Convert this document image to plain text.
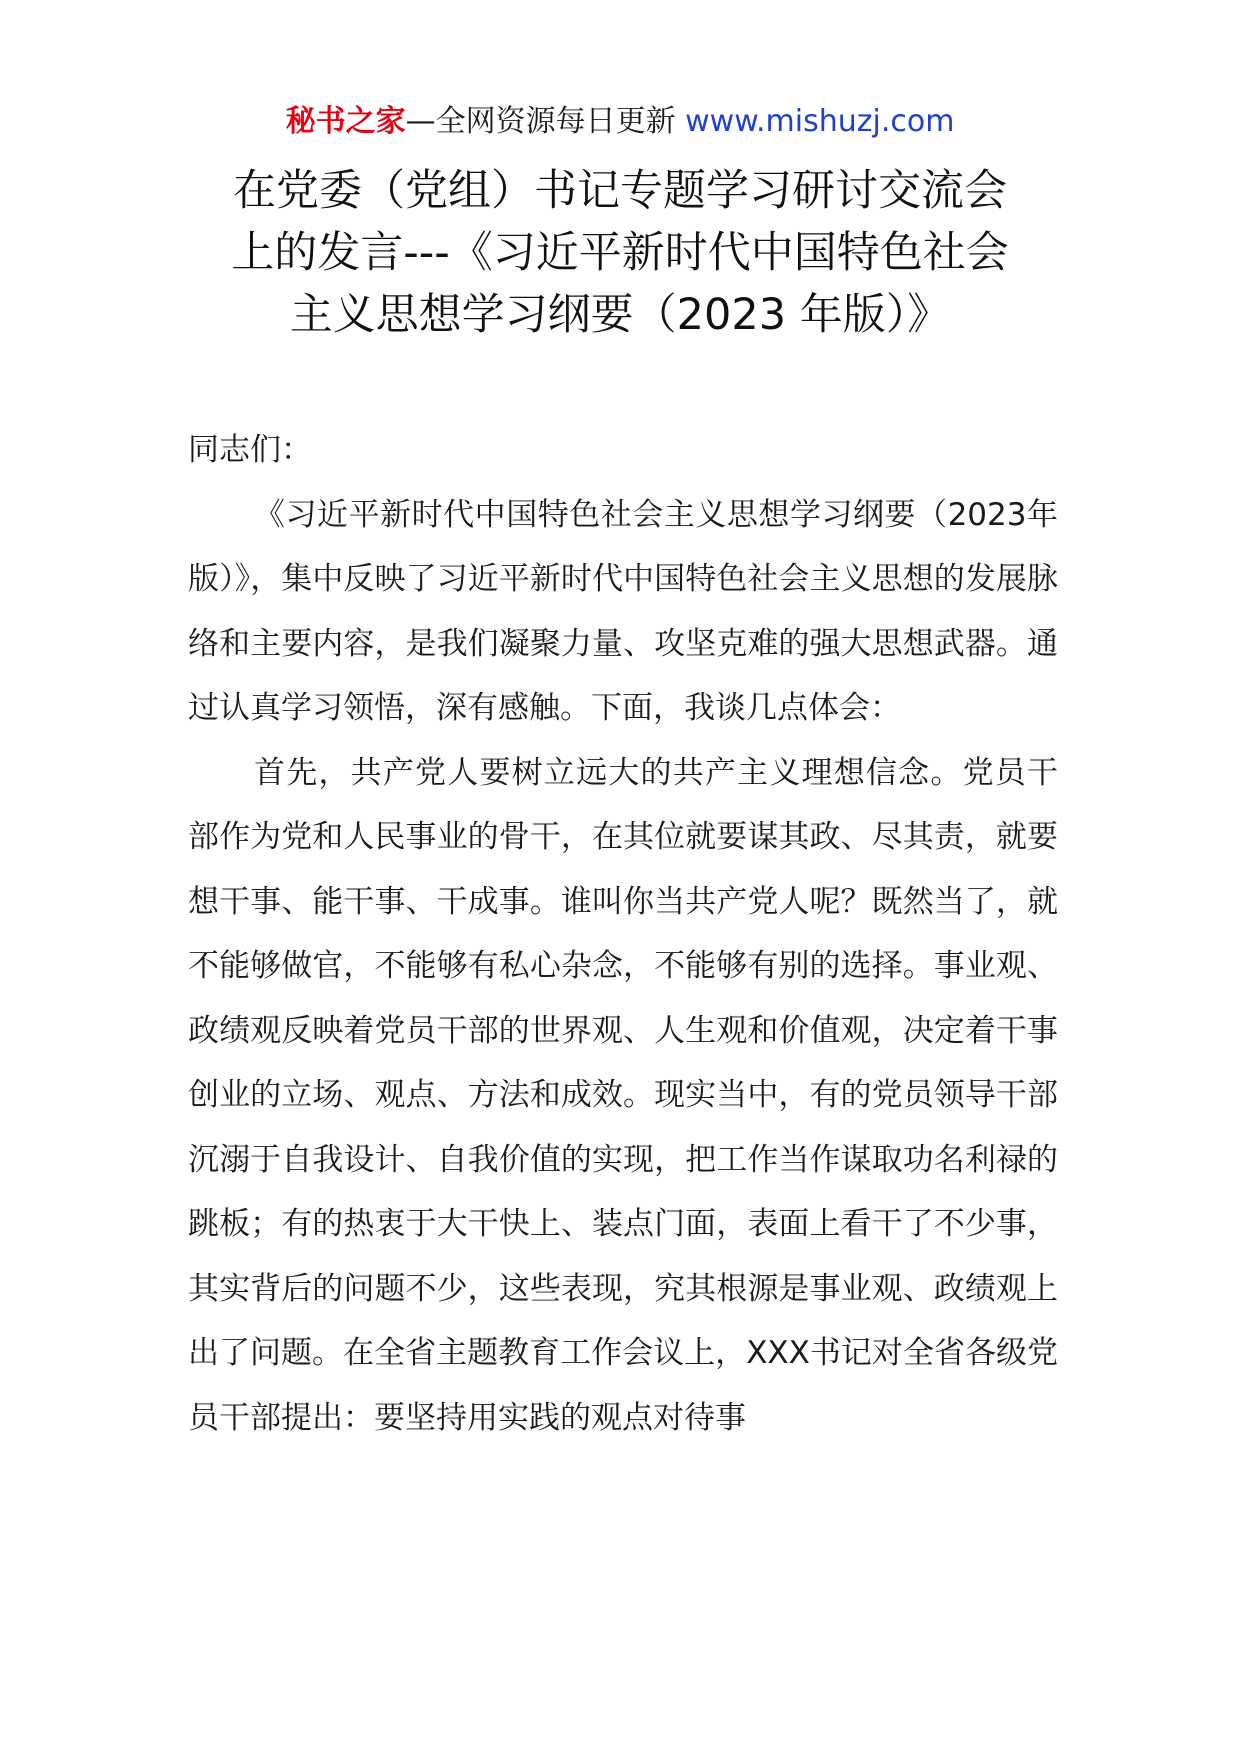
秘书之家—全网资源每日更新 www.mishuzj.com
在党委（党组）书记专题学习研讨交流会
上的发言---《习近平新时代中国特色社会
主义思想学习纲要（2023 年版）》

同志们：

《习近平新时代中国特色社会主义思想学习纲要（2023年版）》，集中反映了习近平新时代中国特色社会主义思想的发展脉络和主要内容，是我们凝聚力量、攻坚克难的强大思想武器。通过认真学习领悟，深有感触。下面，我谈几点体会：

首先，共产党人要树立远大的共产主义理想信念。党员干部作为党和人民事业的骨干，在其位就要谋其政、尽其责，就要想干事、能干事、干成事。谁叫你当共产党人呢？既然当了，就不能够做官，不能够有私心杂念，不能够有别的选择。事业观、政绩观反映着党员干部的世界观、人生观和价值观，决定着干事创业的立场、观点、方法和成效。现实当中，有的党员领导干部沉溺于自我设计、自我价值的实现，把工作当作谋取功名利禄的跳板；有的热衷于大干快上、装点门面，表面上看干了不少事，其实背后的问题不少，这些表现，究其根源是事业观、政绩观上出了问题。在全省主题教育工作会议上，XXX书记对全省各级党员干部提出：要坚持用实践的观点对待事
